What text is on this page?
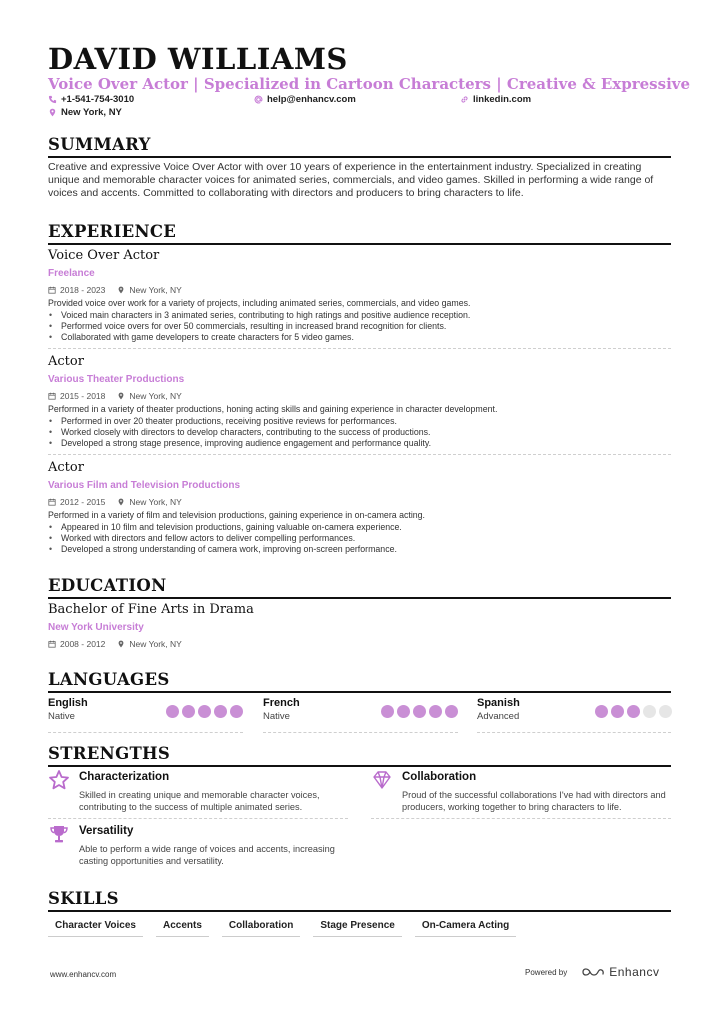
DAVID WILLIAMS
Voice Over Actor | Specialized in Cartoon Characters | Creative & Expressive
+1-541-754-3010	help@enhancv.com	linkedin.com
New York, NY
SUMMARY
Creative and expressive Voice Over Actor with over 10 years of experience in the entertainment industry. Specialized in creating unique and memorable character voices for animated series, commercials, and video games. Skilled in performing a wide range of voices and accents. Committed to collaborating with directors and producers to bring characters to life.
EXPERIENCE
Voice Over Actor
Freelance
2018 - 2023	New York, NY
Provided voice over work for a variety of projects, including animated series, commercials, and video games.
• Voiced main characters in 3 animated series, contributing to high ratings and positive audience reception.
• Performed voice overs for over 50 commercials, resulting in increased brand recognition for clients.
• Collaborated with game developers to create characters for 5 video games.
Actor
Various Theater Productions
2015 - 2018	New York, NY
Performed in a variety of theater productions, honing acting skills and gaining experience in character development.
• Performed in over 20 theater productions, receiving positive reviews for performances.
• Worked closely with directors to develop characters, contributing to the success of productions.
• Developed a strong stage presence, improving audience engagement and performance quality.
Actor
Various Film and Television Productions
2012 - 2015	New York, NY
Performed in a variety of film and television productions, gaining experience in on-camera acting.
• Appeared in 10 film and television productions, gaining valuable on-camera experience.
• Worked with directors and fellow actors to deliver compelling performances.
• Developed a strong understanding of camera work, improving on-screen performance.
EDUCATION
Bachelor of Fine Arts in Drama
New York University
2008 - 2012	New York, NY
LANGUAGES
English
Native
French
Native
Spanish
Advanced
STRENGTHS
Characterization
Skilled in creating unique and memorable character voices, contributing to the success of multiple animated series.
Collaboration
Proud of the successful collaborations I've had with directors and producers, working together to bring characters to life.
Versatility
Able to perform a wide range of voices and accents, increasing casting opportunities and versatility.
SKILLS
Character Voices	Accents	Collaboration	Stage Presence	On-Camera Acting
www.enhancv.com	Powered by	Enhancv
